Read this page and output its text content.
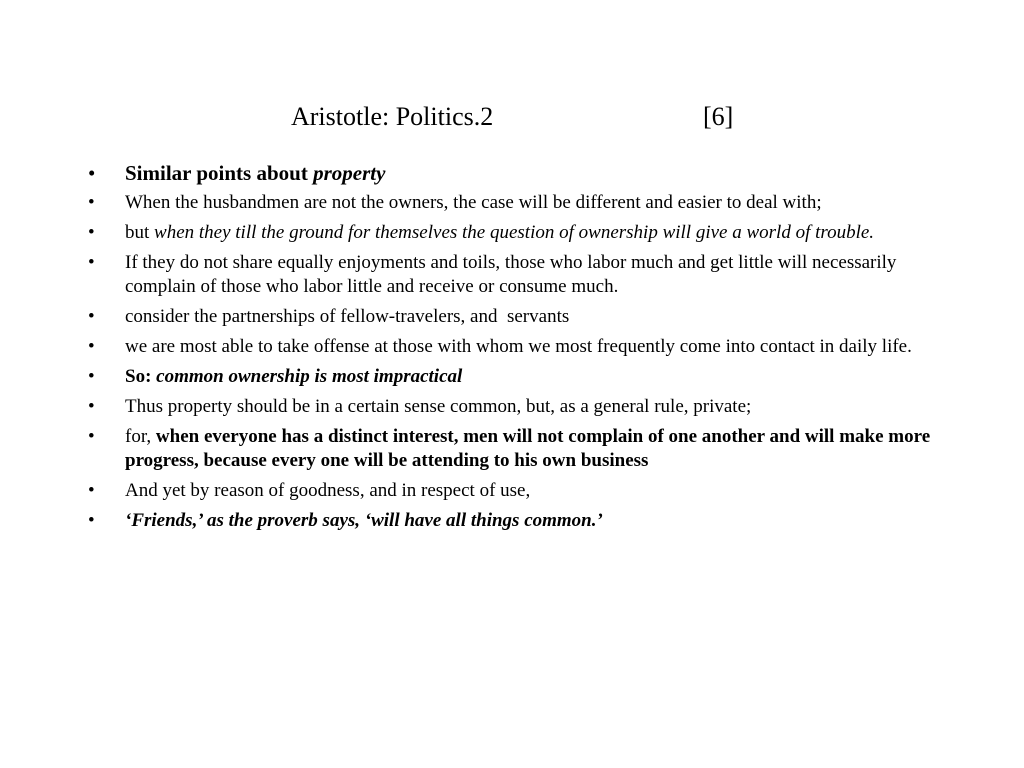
Aristotle: Politics.2	[6]
•	Similar points about property
•	When the husbandmen are not the owners, the case will be different and easier to deal with;
•	but when they till the ground for themselves the question of ownership will give a world of trouble.
•	If they do not share equally enjoyments and toils, those who labor much and get little will necessarily complain of those who labor little and receive or consume much.
•	consider the partnerships of fellow-travelers, and  servants
•	we are most able to take offense at those with whom we most frequently come into contact in daily life.
•	So: common ownership is most impractical
•	Thus property should be in a certain sense common, but, as a general rule, private;
•	for, when everyone has a distinct interest, men will not complain of one another and will make more progress, because every one will be attending to his own business
•	And yet by reason of goodness, and in respect of use,
•	‘Friends,’ as the proverb says, ‘will have all things common.’
